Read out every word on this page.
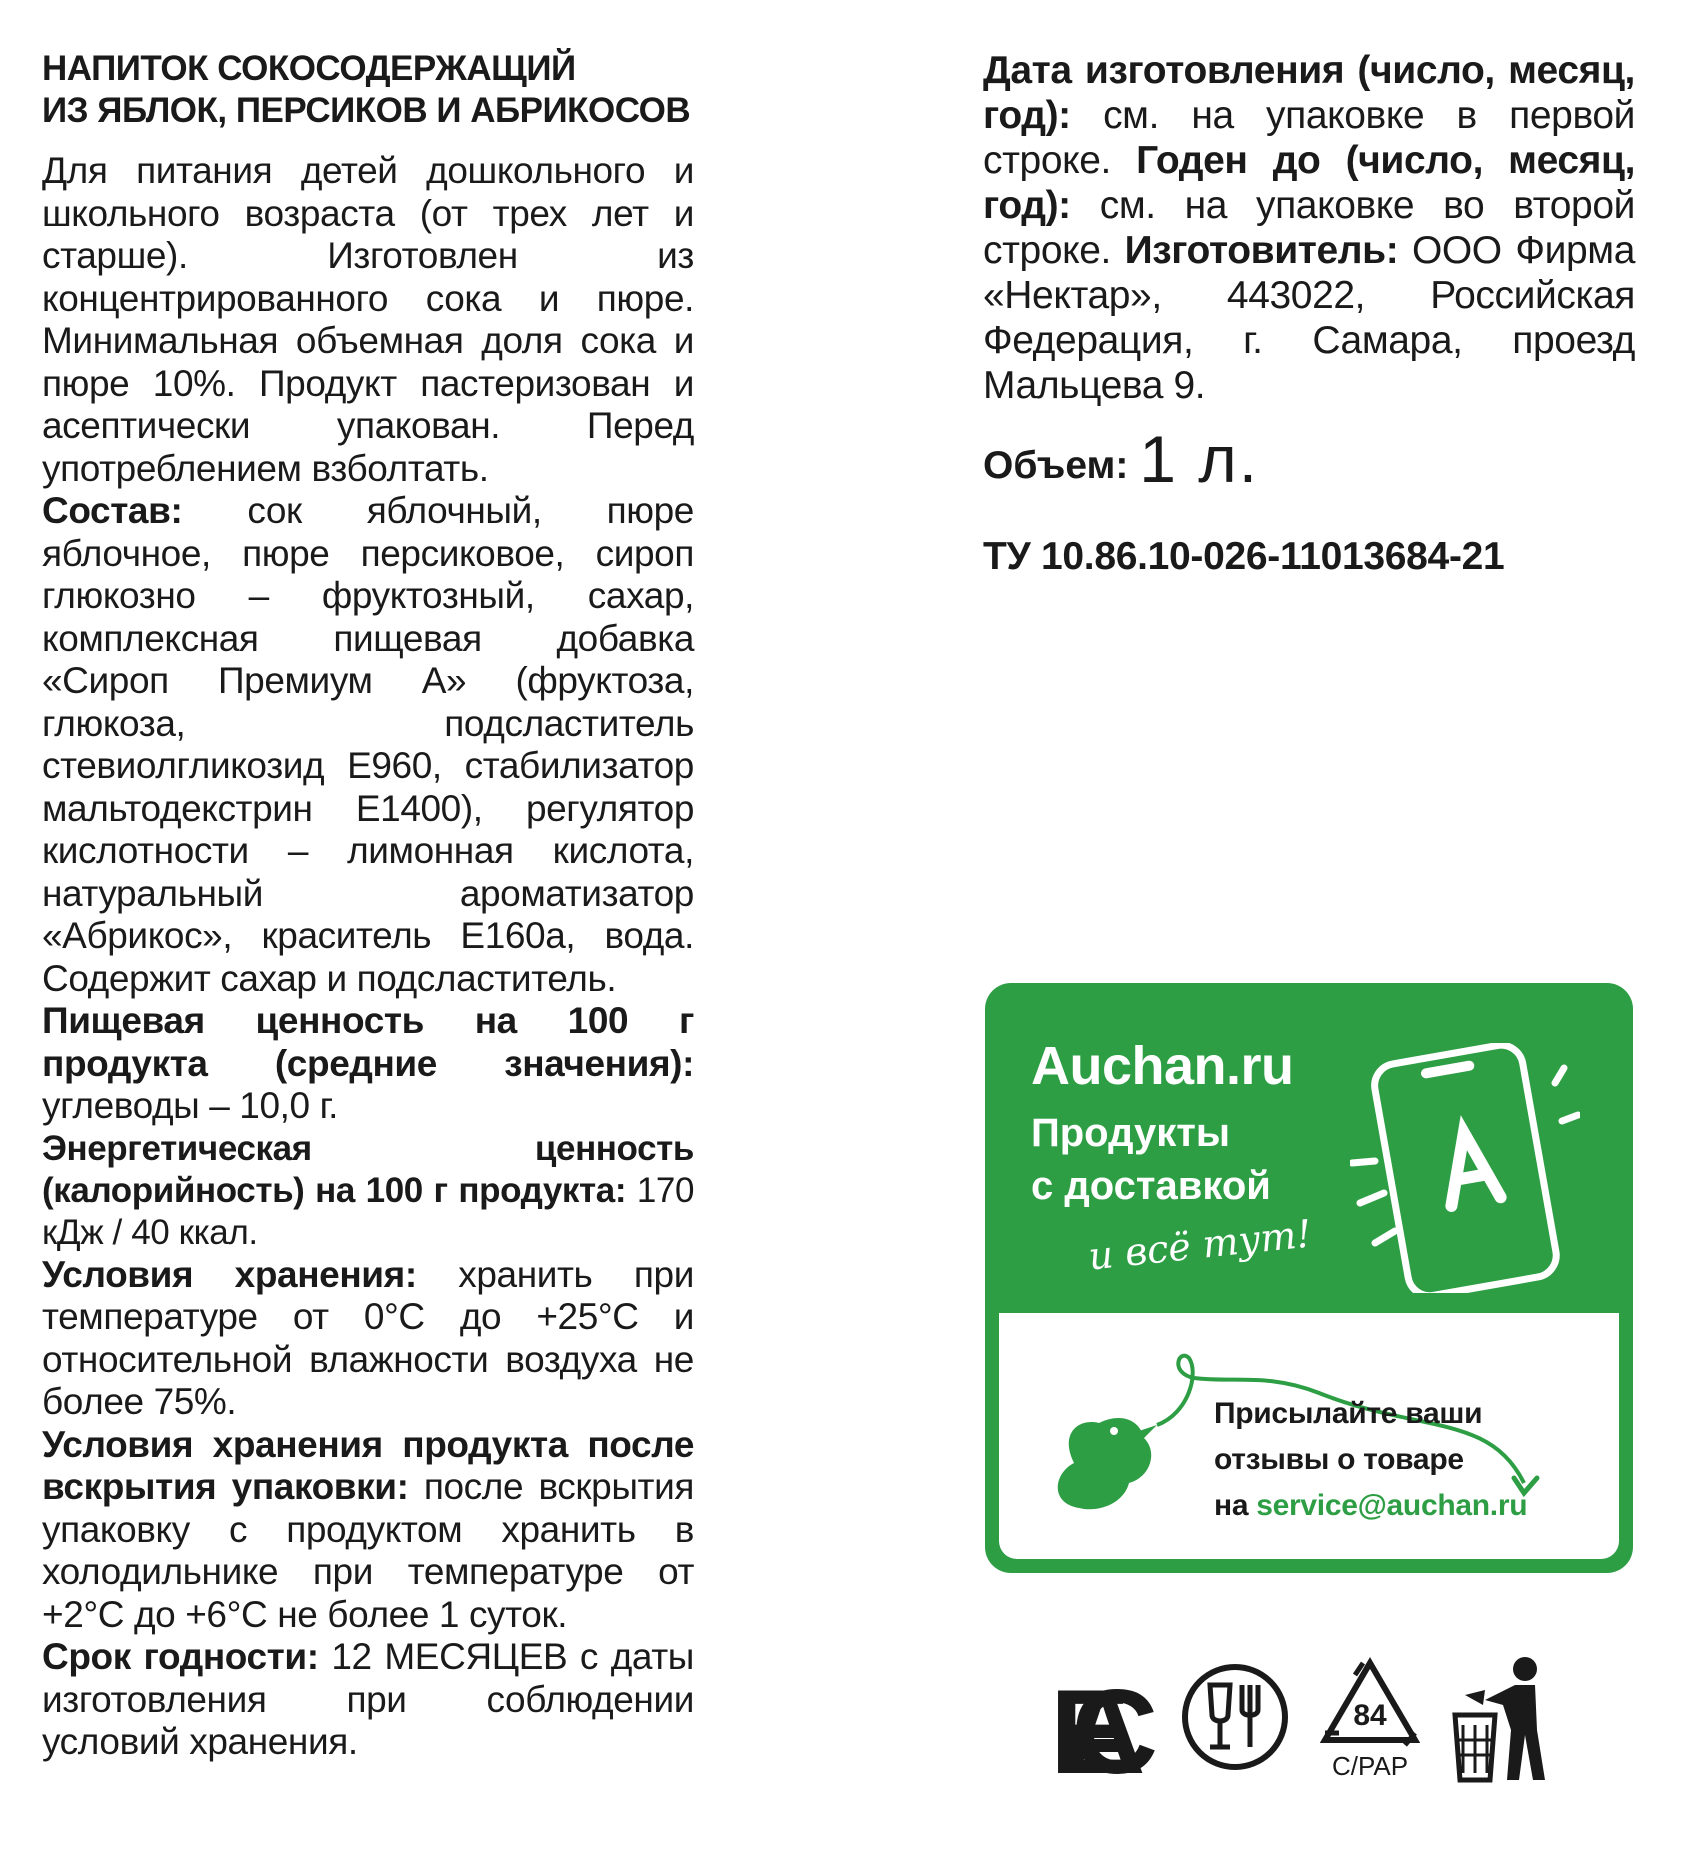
НАПИТОК СОКОСОДЕРЖАЩИЙ
ИЗ ЯБЛОК, ПЕРСИКОВ И АБРИКОСОВ

Для питания детей дошкольного и школьного возраста (от трех лет и старше). Изготовлен из концентрированного сока и пюре. Минимальная объемная доля сока и пюре 10%. Продукт пастеризован и асептически упакован. Перед употреблением взболтать.

Состав: сок яблочный, пюре яблочное, пюре персиковое, сироп глюкозно – фруктозный, сахар, комплексная пищевая добавка «Сироп Премиум А» (фруктоза, глюкоза, подсластитель стевиолгликозид Е960, стабилизатор мальтодекстрин Е1400), регулятор кислотности – лимонная кислота, натуральный ароматизатор «Абрикос», краситель Е160а, вода. Содержит сахар и подсластитель.

Пищевая ценность на 100 г продукта (средние значения): углеводы – 10,0 г.

Энергетическая ценность (калорийность) на 100 г продукта: 170 кДж / 40 ккал.

Условия хранения: хранить при температуре от 0°С до +25°С и относительной влажности воздуха не более 75%.

Условия хранения продукта после вскрытия упаковки: после вскрытия упаковку с продуктом хранить в холодильнике при температуре от +2°С до +6°С не более 1 суток.

Срок годности: 12 МЕСЯЦЕВ с даты изготовления при соблюдении условий хранения.

Дата изготовления (число, месяц, год): см. на упаковке в первой строке. Годен до (число, месяц, год): см. на упаковке во второй строке. Изготовитель: ООО Фирма «Нектар», 443022, Российская Федерация, г. Самара, проезд Мальцева 9.

Объем: 1 л.
ТУ 10.86.10-026-11013684-21
Auchan.ru
Продукты
с доставкой
и всё тут!
Присылайте ваши
отзывы о товаре
на service@auchan.ru
ЕАС	84
C/PAP
